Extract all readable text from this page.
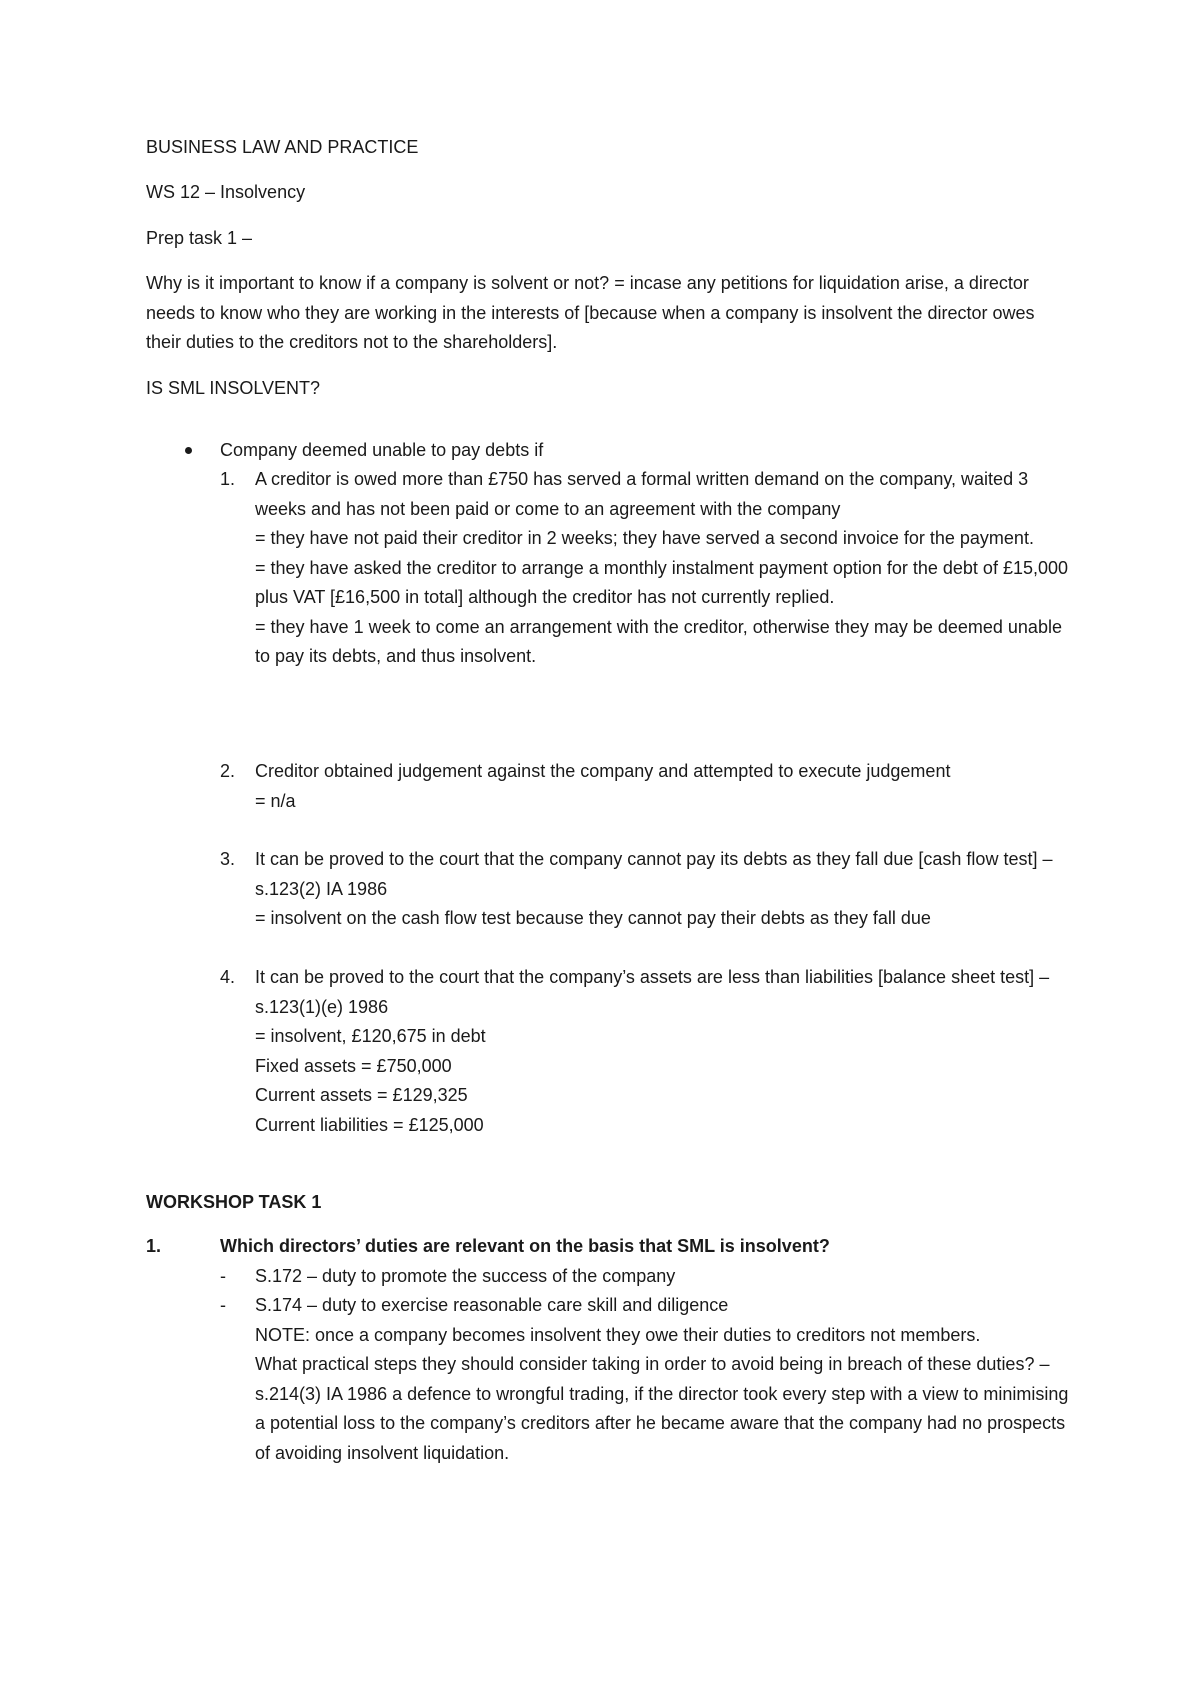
BUSINESS LAW AND PRACTICE

WS 12 – Insolvency

Prep task 1 –

Why is it important to know if a company is solvent or not? = incase any petitions for liquidation arise, a director needs to know who they are working in the interests of [because when a company is insolvent the director owes their duties to the creditors not to the shareholders].

IS SML INSOLVENT?

Company deemed unable to pay debts if
1. A creditor is owed more than £750 has served a formal written demand on the company, waited 3 weeks and has not been paid or come to an agreement with the company

= they have not paid their creditor in 2 weeks; they have served a second invoice for the payment.

= they have asked the creditor to arrange a monthly instalment payment option for the debt of £15,000 plus VAT [£16,500 in total] although the creditor has not currently replied.

= they have 1 week to come an arrangement with the creditor, otherwise they may be deemed unable to pay its debts, and thus insolvent.

2. Creditor obtained judgement against the company and attempted to execute judgement

= n/a

3. It can be proved to the court that the company cannot pay its debts as they fall due [cash flow test] – s.123(2) IA 1986

= insolvent on the cash flow test because they cannot pay their debts as they fall due

4. It can be proved to the court that the company’s assets are less than liabilities [balance sheet test] – s.123(1)(e) 1986

= insolvent, £120,675 in debt

Fixed assets = £750,000

Current assets = £129,325

Current liabilities = £125,000

WORKSHOP TASK 1

1.	Which directors’ duties are relevant on the basis that SML is insolvent?
- S.172 – duty to promote the success of the company
- S.174 – duty to exercise reasonable care skill and diligence

NOTE: once a company becomes insolvent they owe their duties to creditors not members.

What practical steps they should consider taking in order to avoid being in breach of these duties? – s.214(3) IA 1986 a defence to wrongful trading, if the director took every step with a view to minimising a potential loss to the company’s creditors after he became aware that the company had no prospects of avoiding insolvent liquidation.
